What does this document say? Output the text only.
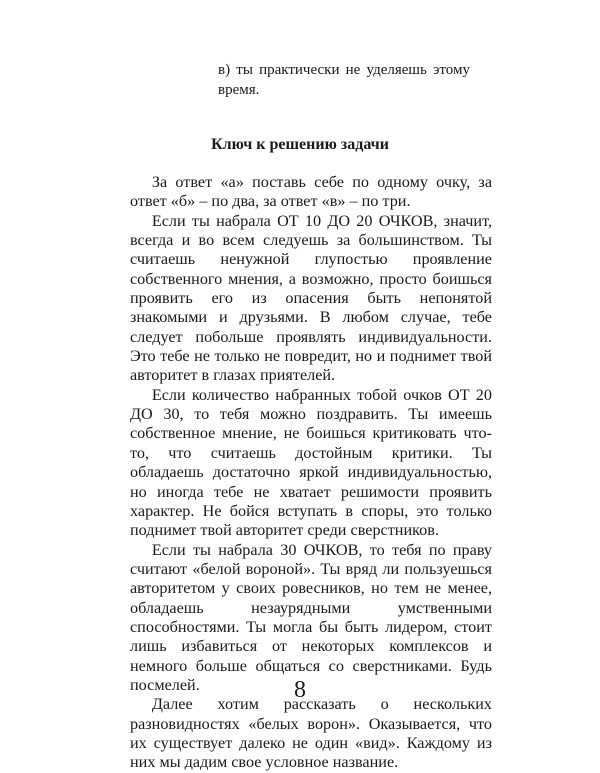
в) ты практически не уделяешь этому время.
Ключ к решению задачи

За ответ «а» поставь себе по одному очку, за ответ «б» – по два, за ответ «в» – по три.

Если ты набрала ОТ 10 ДО 20 ОЧКОВ, значит, всегда и во всем следуешь за большинством. Ты считаешь ненужной глупостью проявление собственного мнения, а возможно, просто боишься проявить его из опасения быть непонятой знакомыми и друзьями. В любом случае, тебе следует побольше проявлять индивидуальности. Это тебе не только не повредит, но и поднимет твой авторитет в глазах приятелей.

Если количество набранных тобой очков ОТ 20 ДО 30, то тебя можно поздравить. Ты имеешь собственное мнение, не боишься критиковать что-то, что считаешь достойным критики. Ты обладаешь достаточно яркой индивидуальностью, но иногда тебе не хватает решимости проявить характер. Не бойся вступать в споры, это только поднимет твой авторитет среди сверстников.

Если ты набрала 30 ОЧКОВ, то тебя по праву считают «белой вороной». Ты вряд ли пользуешься авторитетом у своих ровесников, но тем не менее, обладаешь незаурядными умственными способностями. Ты могла бы быть лидером, стоит лишь избавиться от некоторых комплексов и немного больше общаться со сверстниками. Будь посмелей.

Далее хотим рассказать о нескольких разновидностях «белых ворон». Оказывается, что их существует далеко не один «вид». Каждому из них мы дадим свое условное название.

8
